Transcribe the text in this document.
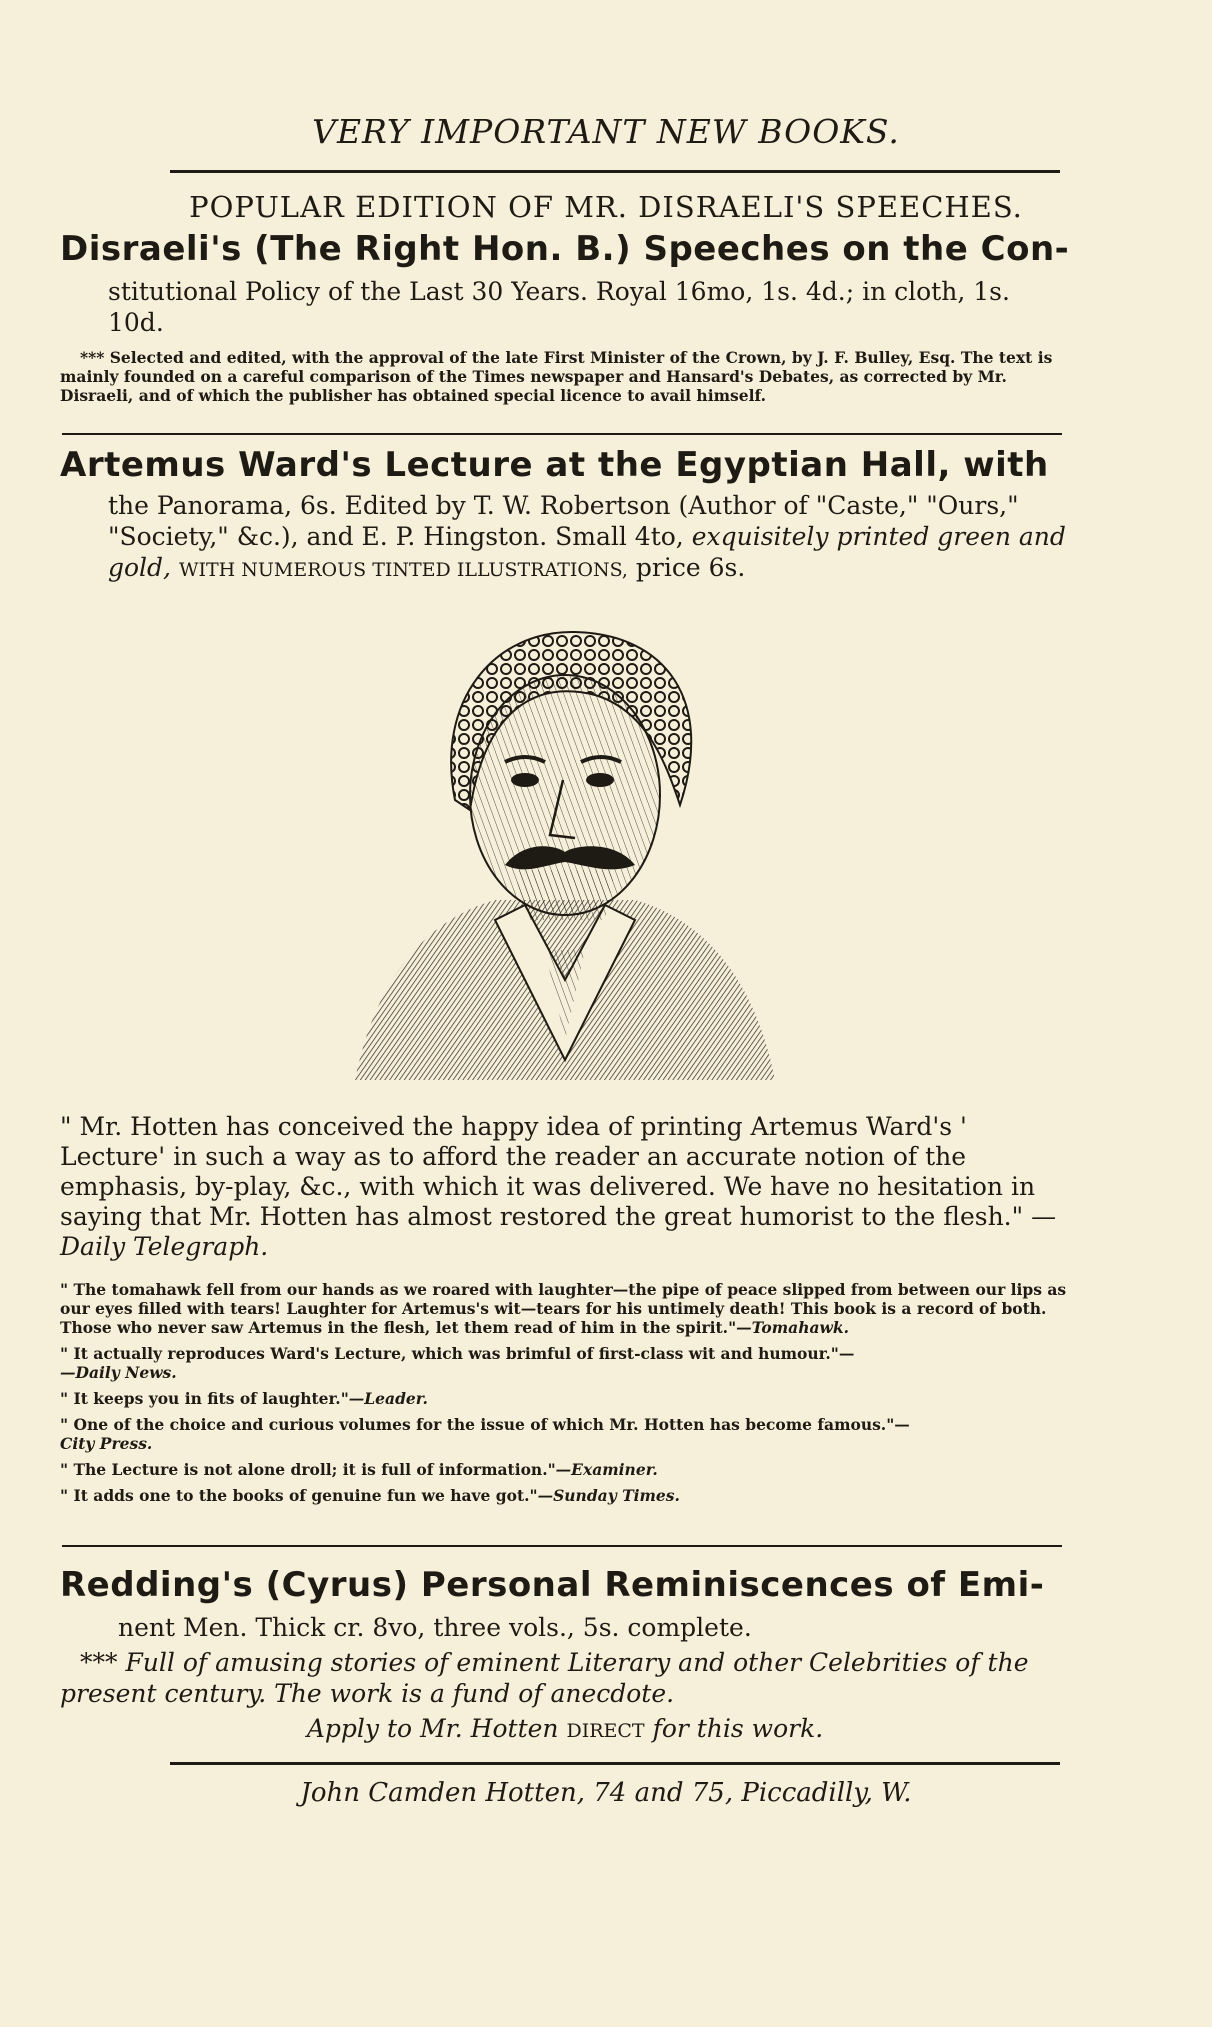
VERY IMPORTANT NEW BOOKS.
POPULAR EDITION OF MR. DISRAELI'S SPEECHES.
Disraeli's (The Right Hon. B.) Speeches on the Con-
stitutional Policy of the Last 30 Years. Royal 16mo, 1s. 4d.; in cloth, 1s. 10d.
*** Selected and edited, with the approval of the late First Minister of the Crown, by J. F. Bulley, Esq. The text is mainly founded on a careful comparison of the Times newspaper and Hansard's Debates, as corrected by Mr. Disraeli, and of which the publisher has obtained special licence to avail himself.
Artemus Ward's Lecture at the Egyptian Hall, with
the Panorama, 6s. Edited by T. W. Robertson (Author of "Caste," "Ours," "Society," &c.), and E. P. Hingston. Small 4to, exquisitely printed green and gold, WITH NUMEROUS TINTED ILLUSTRATIONS, price 6s.
" Mr. Hotten has conceived the happy idea of printing Artemus Ward's ' Lecture' in such a way as to afford the reader an accurate notion of the emphasis, by-play, &c., with which it was delivered. We have no hesitation in saying that Mr. Hotten has almost restored the great humorist to the flesh." —Daily Telegraph.
" The tomahawk fell from our hands as we roared with laughter—the pipe of peace slipped from between our lips as our eyes filled with tears! Laughter for Artemus's wit—tears for his untimely death! This book is a record of both. Those who never saw Artemus in the flesh, let them read of him in the spirit."—Tomahawk.
" It actually reproduces Ward's Lecture, which was brimful of first-class wit and humour."—
—Daily News.
" It keeps you in fits of laughter."—Leader.
" One of the choice and curious volumes for the issue of which Mr. Hotten has become famous."—
City Press.
" The Lecture is not alone droll; it is full of information."—Examiner.
" It adds one to the books of genuine fun we have got."—Sunday Times.
Redding's (Cyrus) Personal Reminiscences of Emi-
nent Men. Thick cr. 8vo, three vols., 5s. complete.
*** Full of amusing stories of eminent Literary and other Celebrities of the present century. The work is a fund of anecdote.
Apply to Mr. Hotten DIRECT for this work.
John Camden Hotten, 74 and 75, Piccadilly, W.
